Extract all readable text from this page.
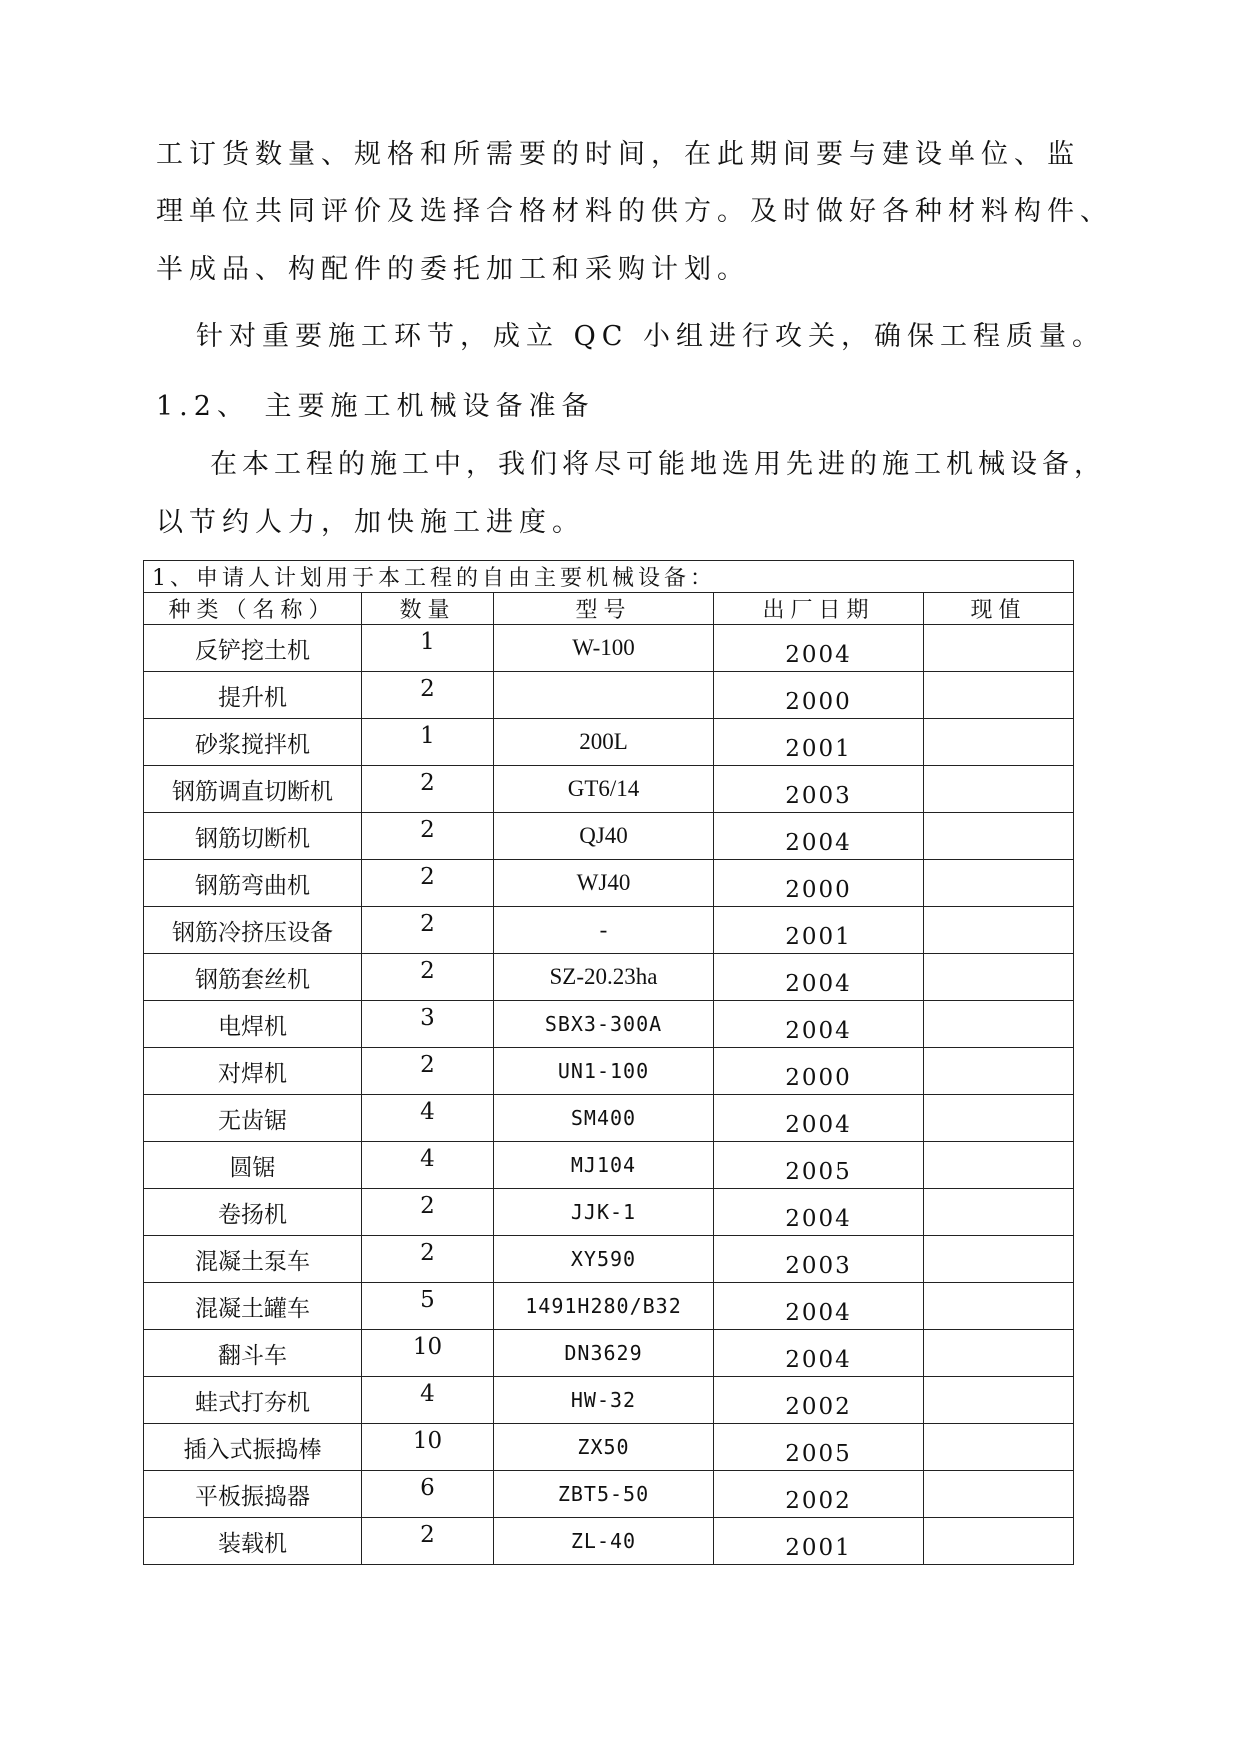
工订货数量、规格和所需要的时间，在此期间要与建设单位、监
理单位共同评价及选择合格材料的供方。及时做好各种材料构件、
半成品、构配件的委托加工和采购计划。
针对重要施工环节，成立 QC 小组进行攻关，确保工程质量。
1.2、 主要施工机械设备准备
在本工程的施工中，我们将尽可能地选用先进的施工机械设备，
以节约人力，加快施工进度。
1、申请人计划用于本工程的自由主要机械设备：				
种类（名称）	数量	型号	出厂日期	现值
反铲挖土机	1	W-100	2004	
提升机	2		2000	
砂浆搅拌机	1	200L	2001	
钢筋调直切断机	2	GT6/14	2003	
钢筋切断机	2	QJ40	2004	
钢筋弯曲机	2	WJ40	2000	
钢筋冷挤压设备	2	-	2001	
钢筋套丝机	2	SZ-20.23ha	2004	
电焊机	3	SBX3-300A	2004	
对焊机	2	UN1-100	2000	
无齿锯	4	SM400	2004	
圆锯	4	MJ104	2005	
卷扬机	2	JJK-1	2004	
混凝土泵车	2	XY590	2003	
混凝土罐车	5	1491H280/B32	2004	
翻斗车	10	DN3629	2004	
蛙式打夯机	4	HW-32	2002	
插入式振捣棒	10	ZX50	2005	
平板振捣器	6	ZBT5-50	2002	
装载机	2	ZL-40	2001	
